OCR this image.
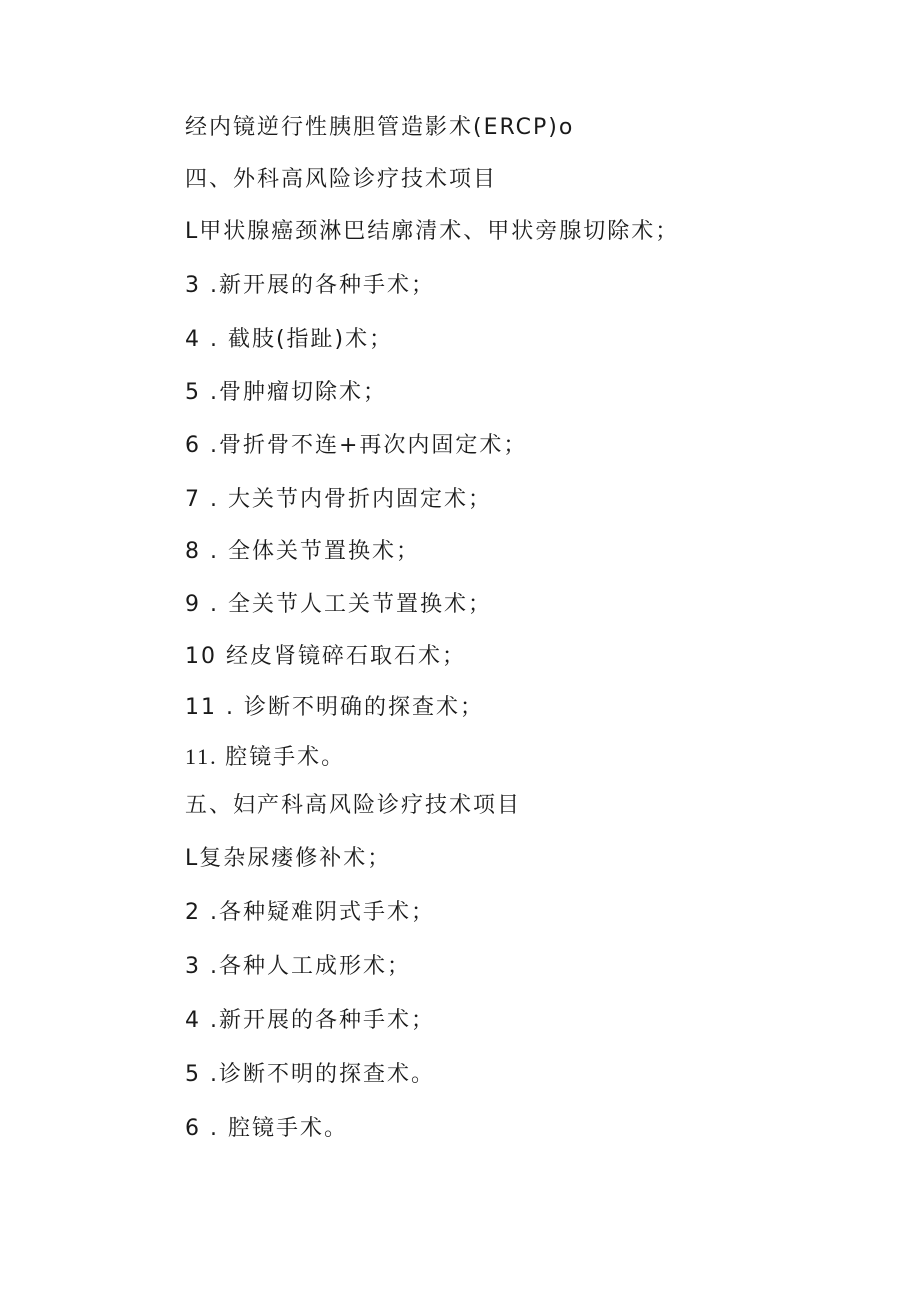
经内镜逆行性胰胆管造影术(ERCP)o
四、外科高风险诊疗技术项目
L甲状腺癌颈淋巴结廓清术、甲状旁腺切除术；
3 .新开展的各种手术；
4 . 截肢(指趾)术；
5 .骨肿瘤切除术；
6 .骨折骨不连+再次内固定术；
7 . 大关节内骨折内固定术；
8 . 全体关节置换术；
9 . 全关节人工关节置换术；
10 经皮肾镜碎石取石术；
11 . 诊断不明确的探查术；
11. 腔镜手术。
五、妇产科高风险诊疗技术项目
L复杂尿瘘修补术；
2 .各种疑难阴式手术；
3 .各种人工成形术；
4 .新开展的各种手术；
5 .诊断不明的探查术。
6 . 腔镜手术。
